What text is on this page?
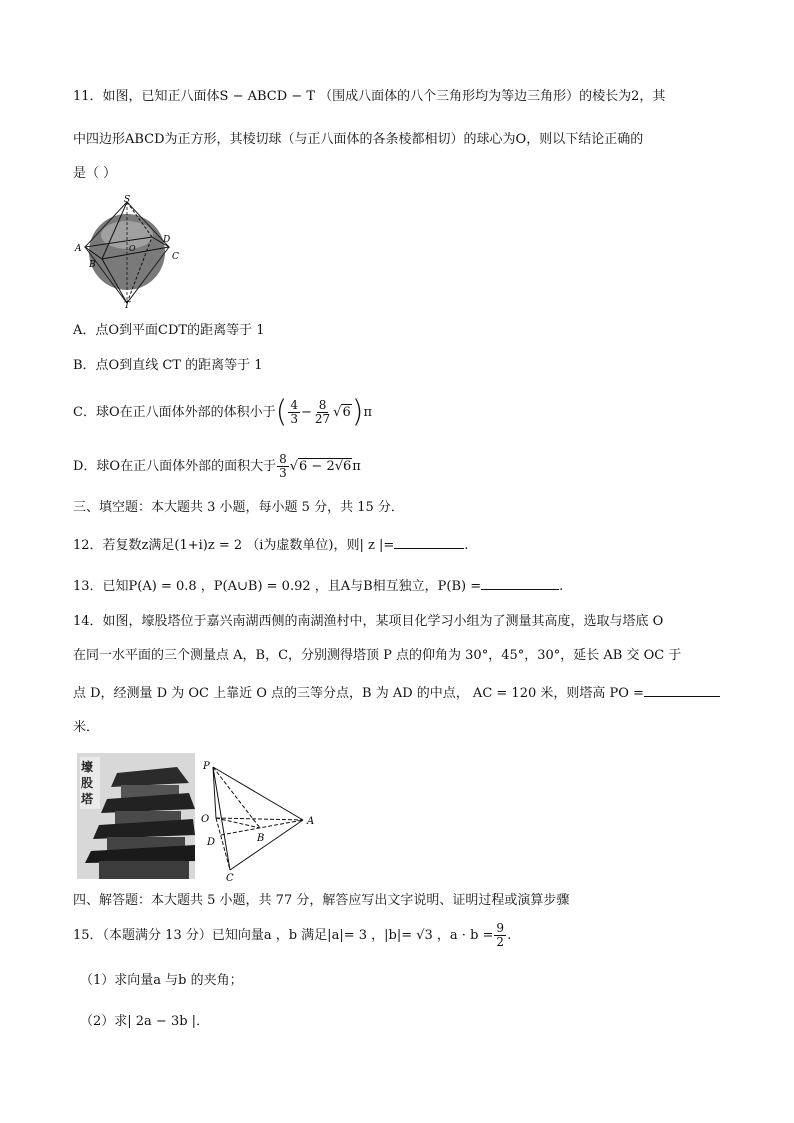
11．如图，已知正八面体S − ABCD − T （围成八面体的八个三角形均为等边三角形）的棱长为2，其
中四边形ABCD为正方形，其棱切球（与正八面体的各条棱都相切）的球心为O，则以下结论正确的
是（ ）
S
A
B
O
D
C
T
A．点O到平面CDT的距离等于 1
B．点O到直线 CT 的距离等于 1
C．球O在正八面体外部的体积小于( $\frac{4}{3} - \frac{8}{27} √6)\pi$
D．球O在正八面体外部的面积大于 $\frac{8}{3} √6 - 2√6\pi$
三、填空题：本大题共 3 小题，每小题 5 分，共 15 分．
12．若复数z满足(1+i)z = 2 （i为虚数单位)，则| z |=	.
13．已知P(A) = 0.8 ，P(A∪B) = 0.92 ，且A与B相互独立，P(B) =	.
14．如图，壕股塔位于嘉兴南湖西侧的南湖渔村中，某项目化学习小组为了测量其高度，选取与塔底 O
在同一水平面的三个测量点 A，B，C，分别测得塔顶 P 点的仰角为 30°，45°，30°，延长 AB 交 OC 于
点 D，经测量 D 为 OC 上靠近 O 点的三等分点，B 为 AD 的中点， AC = 120 米，则塔高 PO =
米．
壕股塔
P
O
D	B
A
C
四、解答题：本大题共 5 小题，共 77 分，解答应写出文字说明、证明过程或演算步骤
15．（本题满分 13 分）已知向量a ，b 满足|a|= 3 ，|b|= √3 ，$a \cdot b = \frac{9}{2}$ .
（1）求向量a 与b 的夹角；
（2）求| 2a − 3b |．
